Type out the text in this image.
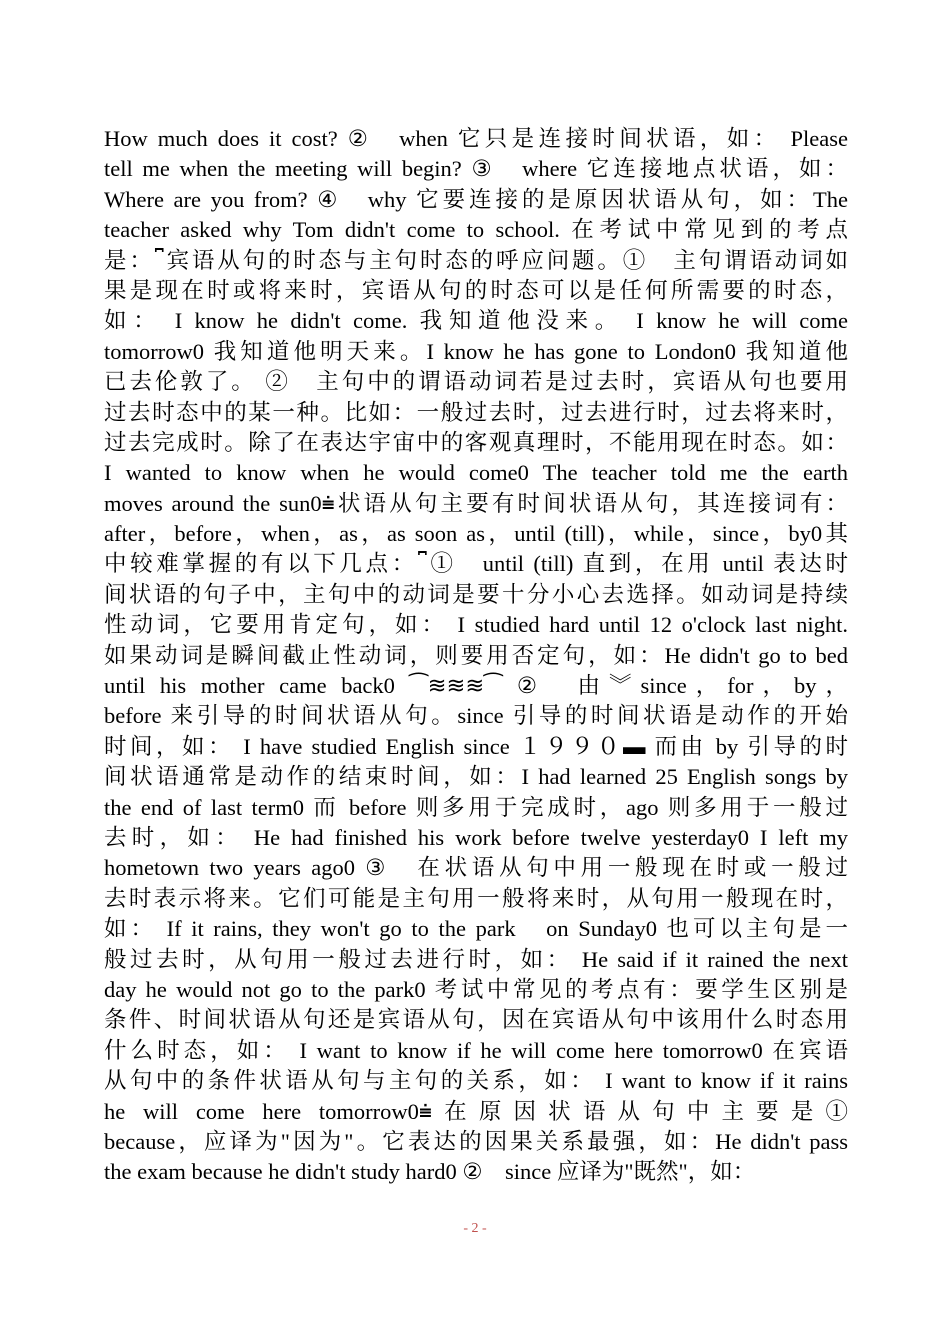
How much does it cost? ②　when 它只是连接时间状语，如： Please
tell me when the meeting will begin? ③　where 它连接地点状语，如：
Where are you from? ④　why 它要连接的是原因状语从句，如：The
teacher asked why Tom didn't come to school. 在考试中常见到的考点
是：⎴宾语从句的时态与主句时态的呼应问题。①　主句谓语动词如
果是现在时或将来时，宾语从句的时态可以是任何所需要的时态，
如： I know he didn't come. 我知道他没来。 I know he will come
tomorrow0 我知道他明天来。I know he has gone to London0 我知道他
已去伦敦了。 ②　主句中的谓语动词若是过去时，宾语从句也要用
过去时态中的某一种。比如：一般过去时，过去进行时，过去将来时，
过去完成时。除了在表达宇宙中的客观真理时，不能用现在时态。如：
I wanted to know when he would come0 The teacher told me the earth
moves around the sun0⩧状语从句主要有时间状语从句，其连接词有：
after，before，when，as，as soon as，until (till)，while，since，by0其
中较难掌握的有以下几点：⎴①　until (till) 直到，在用 until 表达时
间状语的句子中，主句中的动词是要十分小心去选择。如动词是持续
性动词，它要用肯定句，如： I studied hard until 12 o'clock last night.
如果动词是瞬间截止性动词，则要用否定句，如：He didn't go to bed
until his mother came back0 ⁀≋≋≋⁀ ②　由︾since，for，by，
before 来引导的时间状语从句。since 引导的时间状语是动作的开始
时间，如： I have studied English since １９９０▬ 而由 by 引导的时
间状语通常是动作的结束时间，如：I had learned 25 English songs by
the end of last term0 而 before 则多用于完成时，ago 则多用于一般过
去时，如： He had finished his work before twelve yesterday0 I left my
hometown two years ago0 ③　在状语从句中用一般现在时或一般过
去时表示将来。它们可能是主句用一般将来时，从句用一般现在时，
如： If it rains, they won't go to the park　on Sunday0 也可以主句是一
般过去时，从句用一般过去进行时，如： He said if it rained the next
day he would not go to the park0 考试中常见的考点有：要学生区别是
条件、时间状语从句还是宾语从句，因在宾语从句中该用什么时态用
什么时态，如： I want to know if he will come here tomorrow0 在宾语
从句中的条件状语从句与主句的关系，如： I want to know if it rains
he will come here tomorrow0⩧在原因状语从句中主要是①
because，应译为"因为"。它表达的因果关系最强，如：He didn't pass
the exam because he didn't study hard0 ②　since 应译为"既然"，如：
- 2 -
